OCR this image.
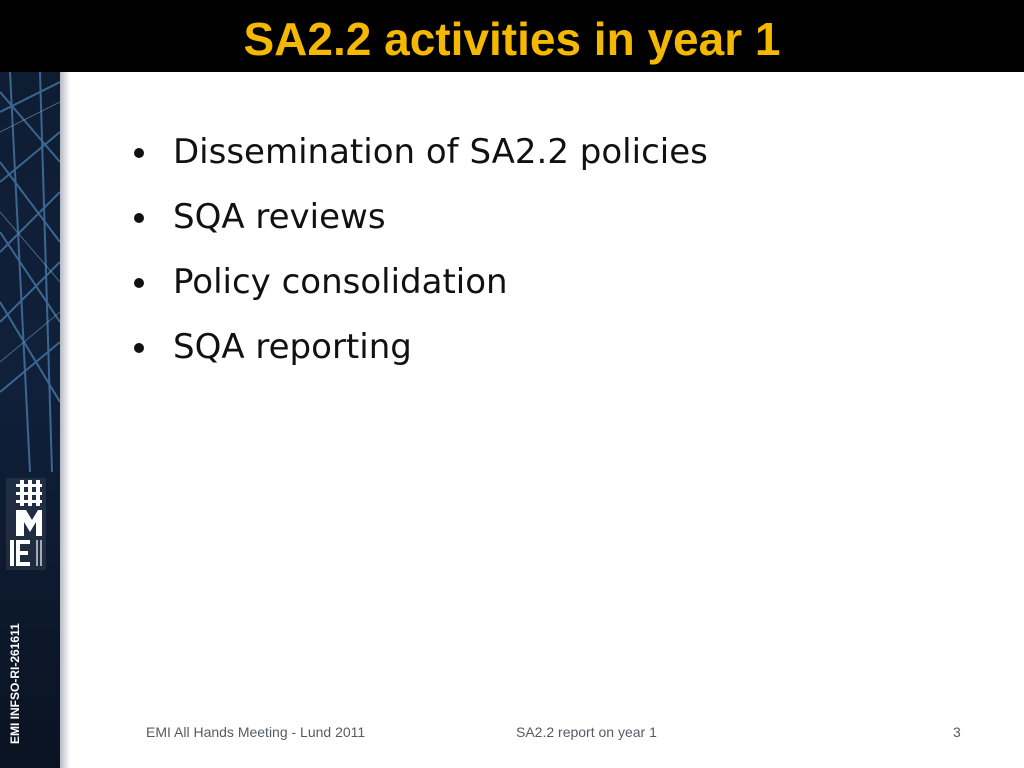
SA2.2 activities in year 1
EMI INFSO-RI-261611
Dissemination of SA2.2 policies
SQA reviews
Policy consolidation
SQA reporting
EMI All Hands Meeting - Lund 2011	SA2.2 report on year 1	3
